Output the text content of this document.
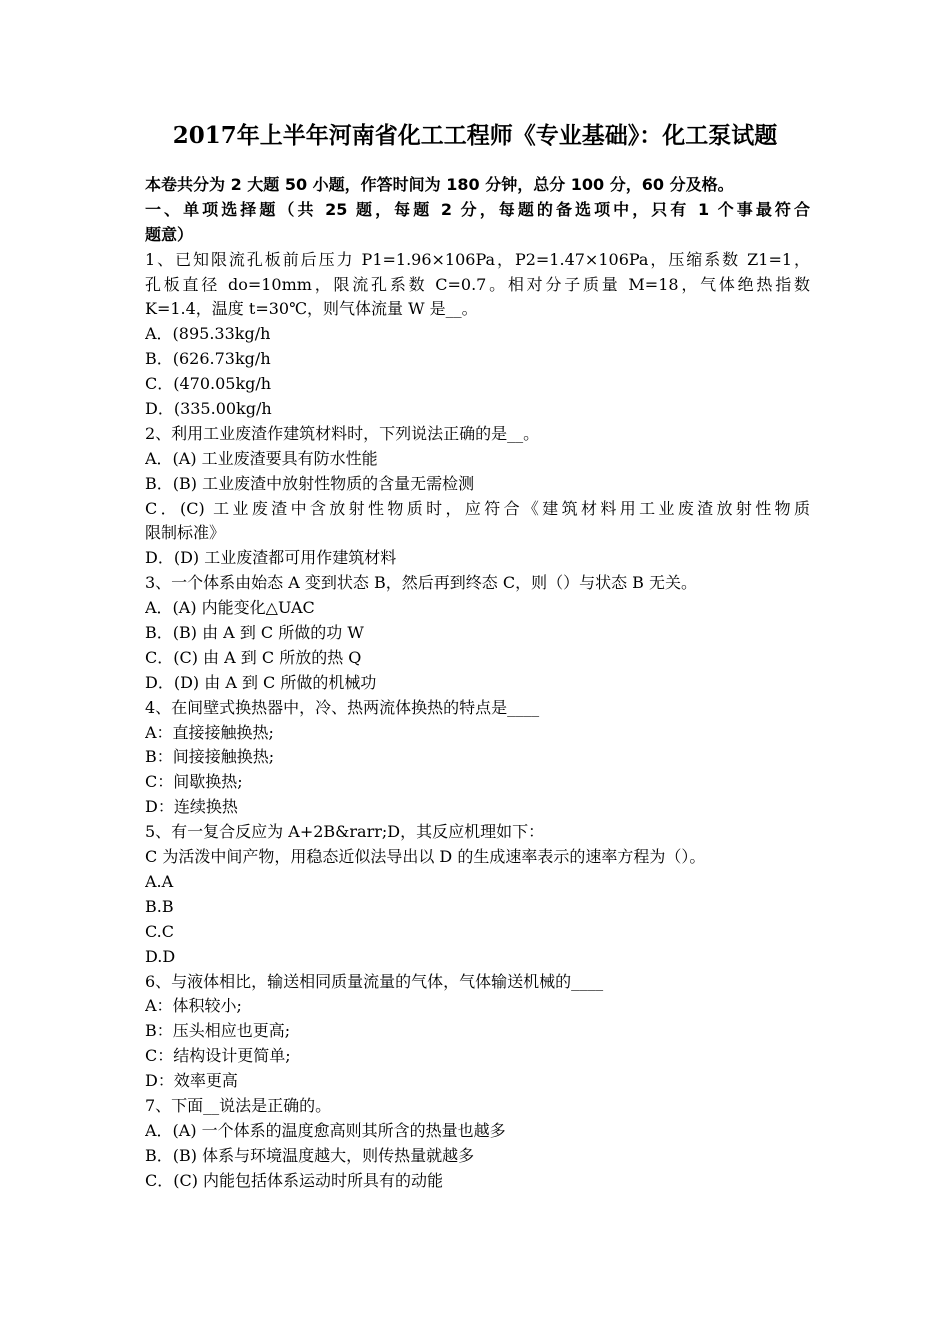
2017年上半年河南省化工工程师《专业基础》：化工泵试题
本卷共分为 2 大题 50 小题，作答时间为 180 分钟，总分 100 分，60 分及格。
一、单项选择题（共 25 题，每题 2 分，每题的备选项中，只有 1 个事最符合
题意）
1、已知限流孔板前后压力 P1=1.96×106Pa，P2=1.47×106Pa，压缩系数 Z1=1，
孔板直径 do=10mm，限流孔系数 C=0.7。相对分子质量 M=18，气体绝热指数
K=1.4，温度 t=30℃，则气体流量 W 是__。
A．(895.33kg/h
B．(626.73kg/h
C．(470.05kg/h
D．(335.00kg/h
2、利用工业废渣作建筑材料时，下列说法正确的是__。
A．(A) 工业废渣要具有防水性能
B．(B) 工业废渣中放射性物质的含量无需检测
C．(C) 工业废渣中含放射性物质时，应符合《建筑材料用工业废渣放射性物质
限制标准》
D．(D) 工业废渣都可用作建筑材料
3、一个体系由始态 A 变到状态 B，然后再到终态 C，则（）与状态 B 无关。
A．(A) 内能变化△UAC
B．(B) 由 A 到 C 所做的功 W
C．(C) 由 A 到 C 所放的热 Q
D．(D) 由 A 到 C 所做的机械功
4、在间壁式换热器中，冷、热两流体换热的特点是____
A：直接接触换热;
B：间接接触换热;
C：间歇换热;
D：连续换热
5、有一复合反应为 A+2B&rarr;D，其反应机理如下：
C 为活泼中间产物，用稳态近似法导出以 D 的生成速率表示的速率方程为（）。
A.A
B.B
C.C
D.D
6、与液体相比，输送相同质量流量的气体，气体输送机械的____
A：体积较小;
B：压头相应也更高;
C：结构设计更简单;
D：效率更高
7、下面__说法是正确的。
A．(A) 一个体系的温度愈高则其所含的热量也越多
B．(B) 体系与环境温度越大，则传热量就越多
C．(C) 内能包括体系运动时所具有的动能
